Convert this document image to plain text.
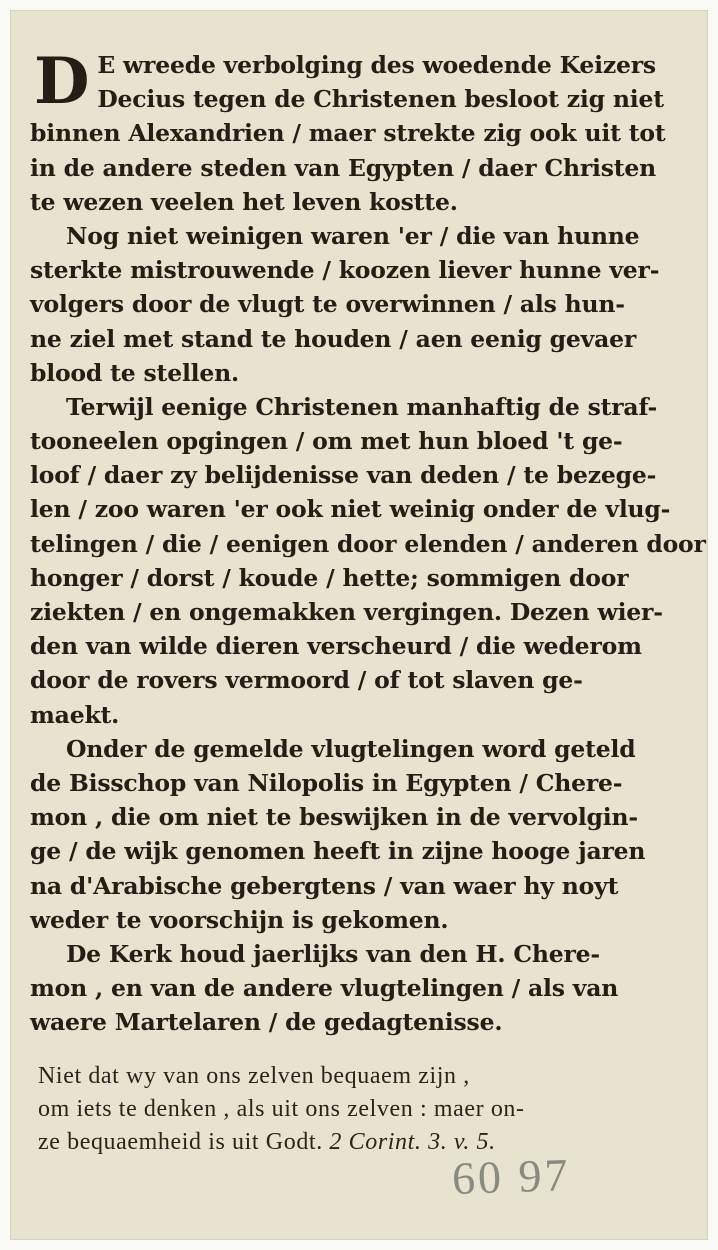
D E wreede verbolging des woedende Keizers
Decius tegen de Christenen besloot zig niet
binnen Alexandrien / maer strekte zig ook uit tot
in de andere steden van Egypten / daer Christen
te wezen veelen het leven kostte.
Nog niet weinigen waren 'er / die van hunne
sterkte mistrouwende / koozen liever hunne ver-
volgers door de vlugt te overwinnen / als hun-
ne ziel met stand te houden / aen eenig gevaer
blood te stellen.
Terwijl eenige Christenen manhaftig de straf-
tooneelen opgingen / om met hun bloed 't ge-
loof / daer zy belijdenisse van deden / te bezege-
len / zoo waren 'er ook niet weinig onder de vlug-
telingen / die / eenigen door elenden / anderen door
honger / dorst / koude / hette; sommigen door
ziekten / en ongemakken vergingen. Dezen wier-
den van wilde dieren verscheurd / die wederom
door de rovers vermoord / of tot slaven ge-
maekt.
Onder de gemelde vlugtelingen word geteld
de Bisschop van Nilopolis in Egypten / Chere-
mon , die om niet te beswijken in de vervolgin-
ge / de wijk genomen heeft in zijne hooge jaren
na d'Arabische gebergtens / van waer hy noyt
weder te voorschijn is gekomen.
De Kerk houd jaerlijks van den H. Chere-
mon , en van de andere vlugtelingen / als van
waere Martelaren / de gedagtenisse.
Niet dat wy van ons zelven bequaem zijn ,
om iets te denken , als uit ons zelven : maer on-
ze bequaemheid is uit Godt. 2 Corint. 3. v. 5.
60 97
